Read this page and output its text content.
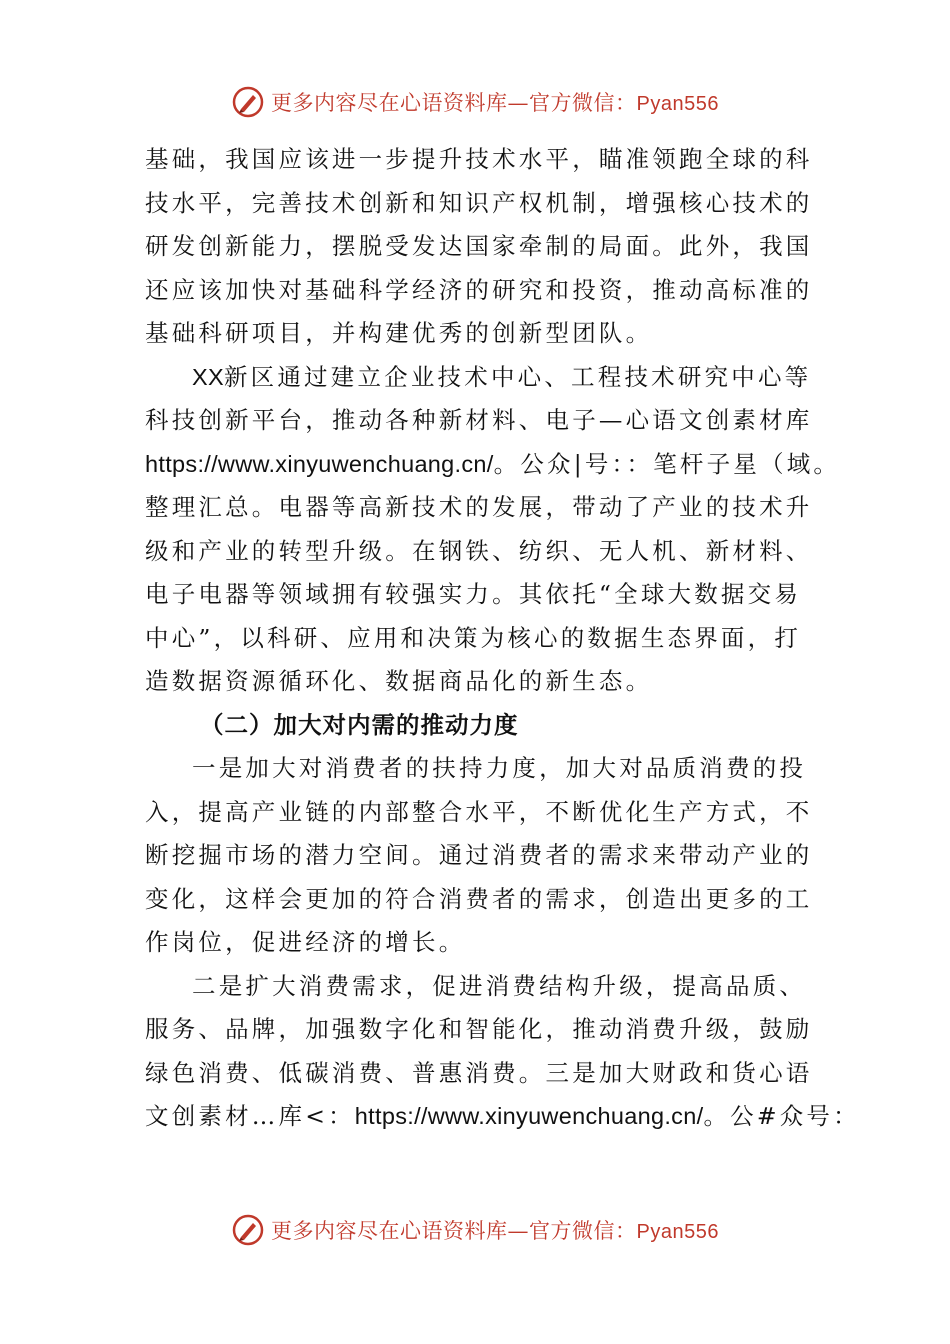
更多内容尽在心语资料库—官方微信：Pyan556

基础，我国应该进一步提升技术水平，瞄准领跑全球的科
技水平，完善技术创新和知识产权机制，增强核心技术的
研发创新能力，摆脱受发达国家牵制的局面。此外，我国
还应该加快对基础科学经济的研究和投资，推动高标准的
基础科研项目，并构建优秀的创新型团队。

XX新区通过建立企业技术中心、工程技术研究中心等
科技创新平台，推动各种新材料、电子—心语文创素材库
https://www.xinyuwenchuang.cn/。公众|号：：笔杆子星（域。
整理汇总。电器等高新技术的发展，带动了产业的技术升
级和产业的转型升级。在钢铁、纺织、无人机、新材料、
电子电器等领域拥有较强实力。其依托“全球大数据交易
中心”，以科研、应用和决策为核心的数据生态界面，打
造数据资源循环化、数据商品化的新生态。

（二）加大对内需的推动力度

一是加大对消费者的扶持力度，加大对品质消费的投
入，提高产业链的内部整合水平，不断优化生产方式，不
断挖掘市场的潜力空间。通过消费者的需求来带动产业的
变化，这样会更加的符合消费者的需求，创造出更多的工
作岗位，促进经济的增长。

二是扩大消费需求，促进消费结构升级，提高品质、
服务、品牌，加强数字化和智能化，推动消费升级，鼓励
绿色消费、低碳消费、普惠消费。三是加大财政和货心语
文创素材…库<：https://www.xinyuwenchuang.cn/。公#众号：

更多内容尽在心语资料库—官方微信：Pyan556
